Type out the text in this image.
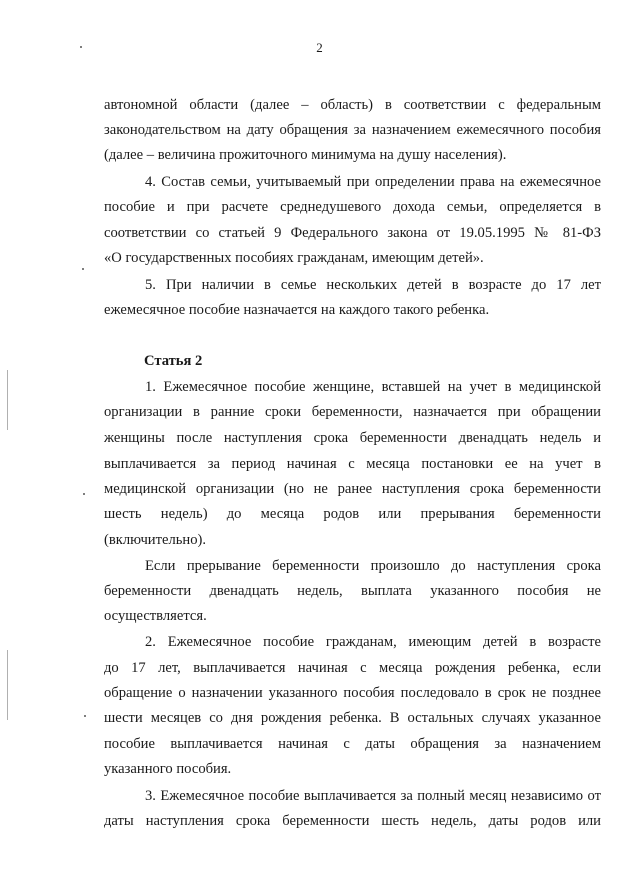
2
автономной области (далее – область) в соответствии с федеральным
законодательством на дату обращения за назначением ежемесячного пособия
(далее – величина прожиточного минимума на душу населения).
4. Состав семьи, учитываемый при определении права на ежемесячное
пособие и при расчете среднедушевого дохода семьи, определяется в
соответствии со статьей 9 Федерального закона от 19.05.1995 № 81-ФЗ
«О государственных пособиях гражданам, имеющим детей».
5. При наличии в семье нескольких детей в возрасте до 17 лет
ежемесячное пособие назначается на каждого такого ребенка.
Статья 2
1. Ежемесячное пособие женщине, вставшей на учет в медицинской
организации в ранние сроки беременности, назначается при обращении
женщины после наступления срока беременности двенадцать недель и
выплачивается за период начиная с месяца постановки ее на учет в
медицинской организации (но не ранее наступления срока беременности
шесть недель) до месяца родов или прерывания беременности
(включительно).
Если прерывание беременности произошло до наступления срока
беременности двенадцать недель, выплата указанного пособия не
осуществляется.
2. Ежемесячное пособие гражданам, имеющим детей в возрасте
до 17 лет, выплачивается начиная с месяца рождения ребенка, если
обращение о назначении указанного пособия последовало в срок не позднее
шести месяцев со дня рождения ребенка. В остальных случаях указанное
пособие выплачивается начиная с даты обращения за назначением
указанного пособия.
3. Ежемесячное пособие выплачивается за полный месяц независимо от
даты наступления срока беременности шесть недель, даты родов или
